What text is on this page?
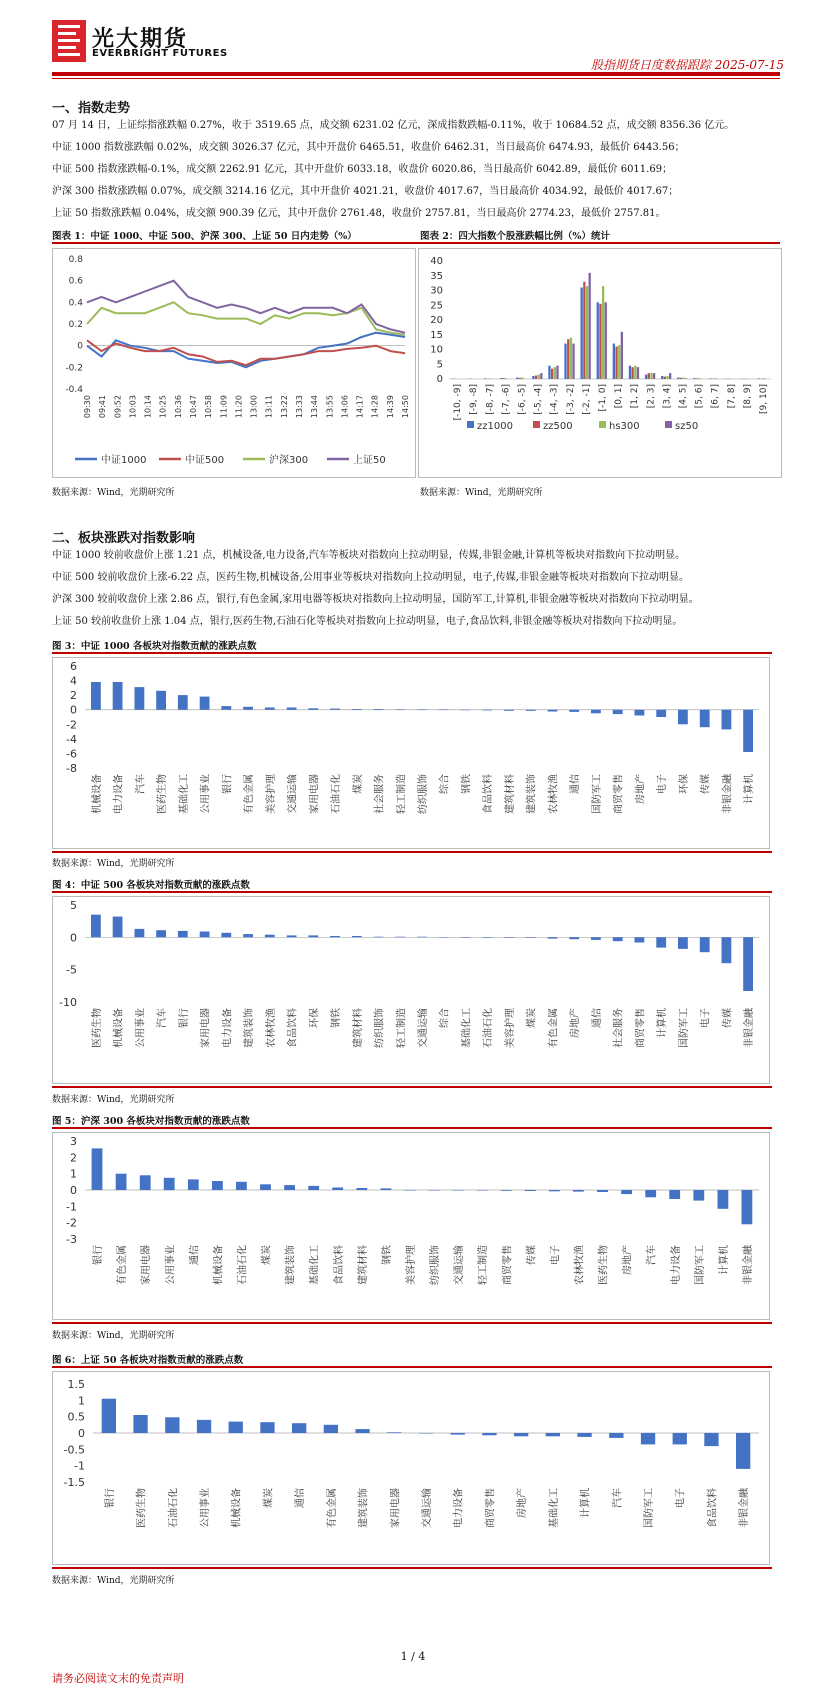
光大期货
EVERBRIGHT FUTURES
股指期货日度数据跟踪 2025-07-15
一、指数走势
07 月 14 日，上证综指涨跌幅 0.27%，收于 3519.65 点，成交额 6231.02 亿元，深成指数跌幅-0.11%，收于 10684.52 点，成交额 8356.36 亿元。
中证 1000 指数涨跌幅 0.02%，成交额 3026.37 亿元，其中开盘价 6465.51，收盘价 6462.31，当日最高价 6474.93，最低价 6443.56；
中证 500 指数涨跌幅-0.1%，成交额 2262.91 亿元，其中开盘价 6033.18，收盘价 6020.86，当日最高价 6042.89，最低价 6011.69；
沪深 300 指数涨跌幅 0.07%，成交额 3214.16 亿元，其中开盘价 4021.21，收盘价 4017.67，当日最高价 4034.92，最低价 4017.67；
上证 50 指数涨跌幅 0.04%，成交额 900.39 亿元，其中开盘价 2761.48，收盘价 2757.81，当日最高价 2774.23，最低价 2757.81。
图表 1：中证 1000、中证 500、沪深 300、上证 50 日内走势（%）	图表 2：四大指数个股涨跌幅比例（%）统计
-0.4
-0.2
0
0.2
0.4
0.6
0.8
09:30 09:41 09:52 10:03 10:14 10:25 10:36 10:47 10:58 11:09 11:20 13:00 13:11 13:22 13:33 13:44 13:55 14:06 14:17 14:28 14:39 14:50
中证1000	中证500	沪深300	上证50
0
5
10
15
20
25
30
35
40
[-10, -9] [-9, -8] [-8, -7] [-7, -6] [-6, -5] [-5, -4] [-4, -3] [-3, -2] [-2, -1] [-1, 0] [0, 1] [1, 2] [2, 3] [3, 4] [4, 5] [5, 6] [6, 7] [7, 8] [8, 9] [9, 10]
zz1000	zz500	hs300	sz50
数据来源：Wind，光期研究所	数据来源：Wind，光期研究所
二、板块涨跌对指数影响
中证 1000 较前收盘价上涨 1.21 点，机械设备,电力设备,汽车等板块对指数向上拉动明显，传媒,非银金融,计算机等板块对指数向下拉动明显。
中证 500 较前收盘价上涨-6.22 点，医药生物,机械设备,公用事业等板块对指数向上拉动明显，电子,传媒,非银金融等板块对指数向下拉动明显。
沪深 300 较前收盘价上涨 2.86 点，银行,有色金属,家用电器等板块对指数向上拉动明显，国防军工,计算机,非银金融等板块对指数向下拉动明显。
上证 50 较前收盘价上涨 1.04 点，银行,医药生物,石油石化等板块对指数向上拉动明显，电子,食品饮料,非银金融等板块对指数向下拉动明显。
图 3：中证 1000 各板块对指数贡献的涨跌点数
-8
-6
-4
-2
0
2
4
6
机械设备 电力设备 汽车 医药生物 基础化工 公用事业 银行 有色金属 美容护理 交通运输 家用电器 石油石化 煤炭 社会服务 轻工制造 纺织服饰 综合 钢铁 食品饮料 建筑材料 建筑装饰 农林牧渔 通信 国防军工 商贸零售 房地产 电子 环保 传媒 非银金融 计算机
数据来源：Wind，光期研究所
图 4：中证 500 各板块对指数贡献的涨跌点数
-10
-5
0
5
医药生物 机械设备 公用事业 汽车 银行 家用电器 电力设备 建筑装饰 农林牧渔 食品饮料 环保 钢铁 建筑材料 纺织服饰 轻工制造 交通运输 综合 基础化工 石油石化 美容护理 煤炭 有色金属 房地产 通信 社会服务 商贸零售 计算机 国防军工 电子 传媒 非银金融
数据来源：Wind，光期研究所
图 5：沪深 300 各板块对指数贡献的涨跌点数
-3
-2
-1
0
1
2
3
银行 有色金属 家用电器 公用事业 通信 机械设备 石油石化 煤炭 建筑装饰 基础化工 食品饮料 建筑材料 钢铁 美容护理 纺织服饰 交通运输 轻工制造 商贸零售 传媒 电子 农林牧渔 医药生物 房地产 汽车 电力设备 国防军工 计算机 非银金融
数据来源：Wind，光期研究所
图 6：上证 50 各板块对指数贡献的涨跌点数
-1.5
-1
-0.5
0
0.5
1
1.5
银行 医药生物 石油石化 公用事业 机械设备 煤炭 通信 有色金属 建筑装饰 家用电器 交通运输 电力设备 商贸零售 房地产 基础化工 计算机 汽车 国防军工 电子 食品饮料 非银金融
数据来源：Wind，光期研究所
1 / 4
请务必阅读文末的免责声明
